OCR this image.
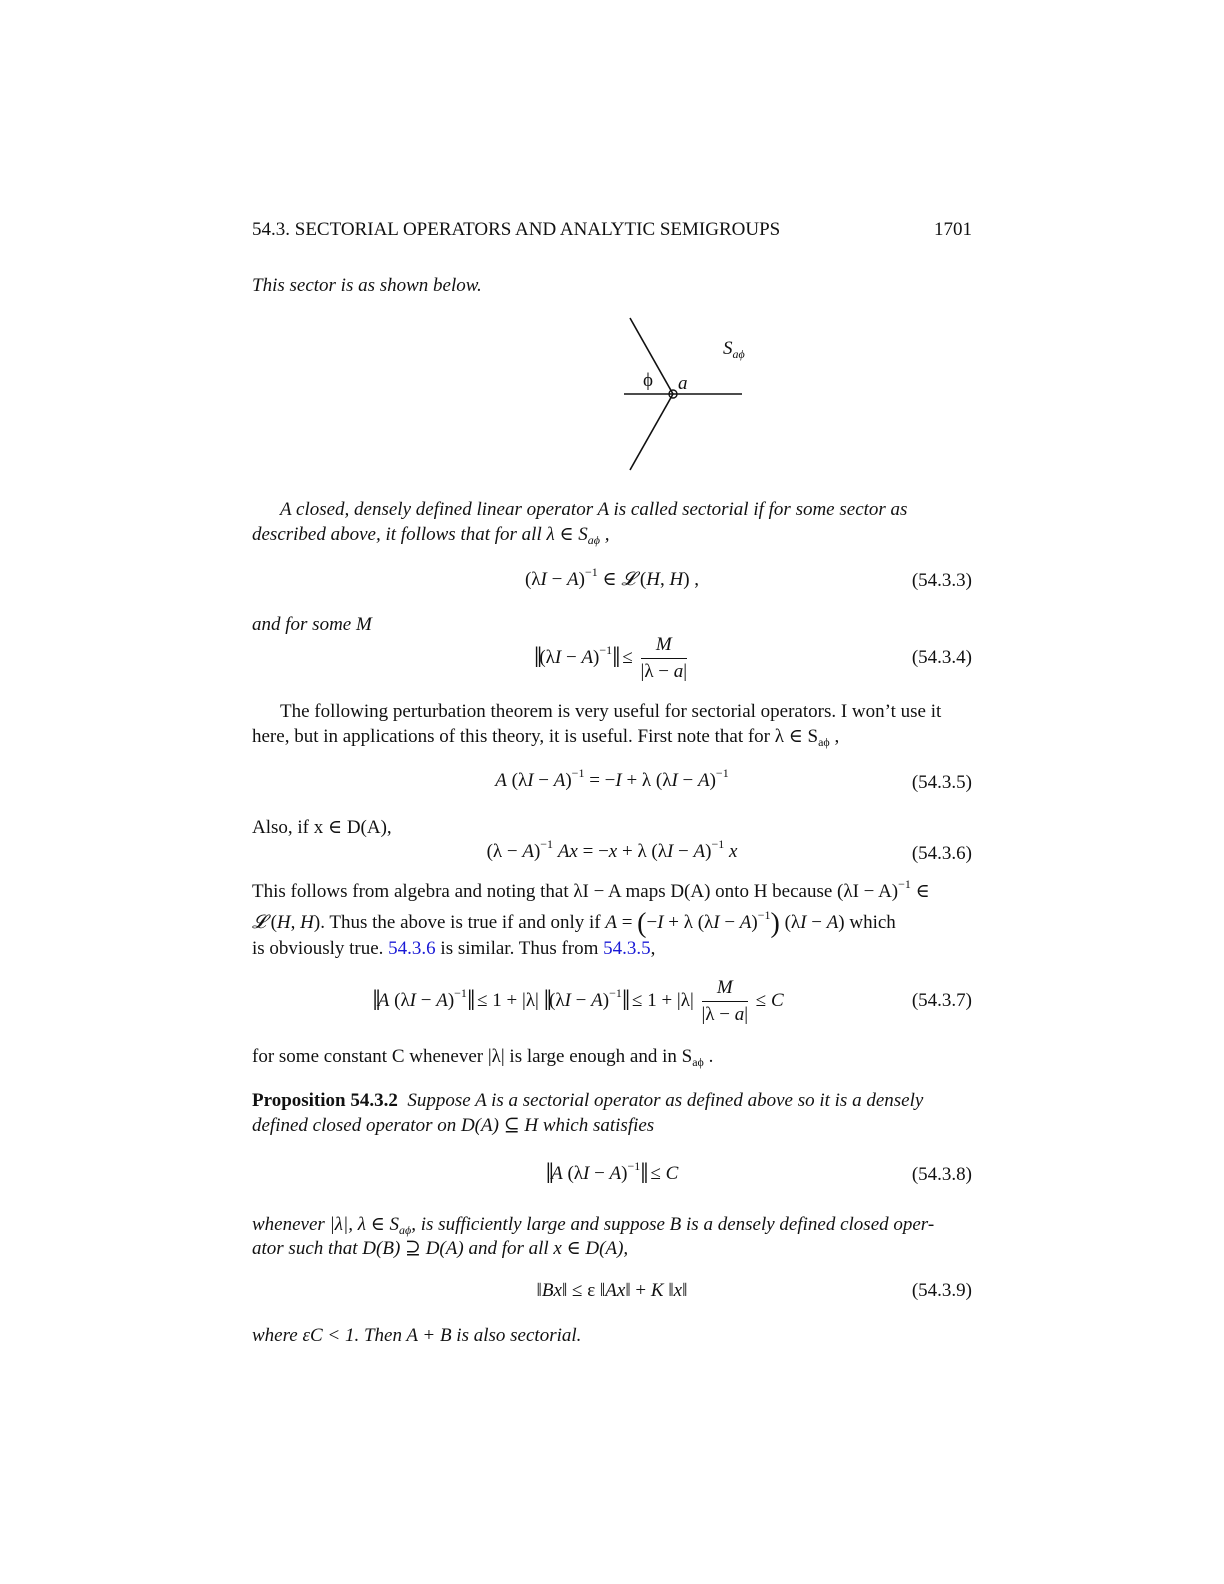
54.3. SECTORIAL OPERATORS AND ANALYTIC SEMIGROUPS	1701
This sector is as shown below.
$S_{a\phi}$
ϕ a
A closed, densely defined linear operator A is called sectorial if for some sector as
described above, it follows that for all λ ∈ $S_{a\phi}$ ,
$(\lambda I - A)^{-1}$ ∈ 𝓛 (H, H) ,	(54.3.3)
and for some M
‖(λI − A)$^{-1}$‖ ≤ $\frac{M}{|\lambda - a|}$	(54.3.4)
The following perturbation theorem is very useful for sectorial operators. I won’t use it
here, but in applications of this theory, it is useful. First note that for λ ∈ $S_{a\phi}$ ,
A $(\lambda I - A)^{-1} = -I + \lambda$ $(\lambda I - A)^{-1}$	(54.3.5)
Also, if x ∈ D(A),
$(\lambda - A)^{-1}$ Ax = −x + λ $(\lambda I - A)^{-1}$ x	(54.3.6)
This follows from algebra and noting that λI − A maps D(A) onto H because $(\lambda I - A)^{-1}$ ∈
𝓛 (H, H). Thus the above is true if and only if A = (−I + λ $(\lambda I - A)^{-1}$) (λI − A) which
is obviously true. 54.3.6 is similar. Thus from 54.3.5,
‖A $(\lambda I - A)^{-1}‖ \le 1 + |\lambda|$ ‖(λI − A)$^{-1}$‖ ≤ $1 + |\lambda| \frac{M}{|\lambda - a|} \le C$	(54.3.7)
for some constant C whenever |λ| is large enough and in $S_{a\phi}$ .
Proposition 54.3.2 Suppose A is a sectorial operator as defined above so it is a densely
defined closed operator on D(A) ⊆ H which satisfies
‖A $(\lambda I - A)^{-1}‖ \le C$	(54.3.8)
whenever |λ|, λ ∈ $S_{a\phi}$, is sufficiently large and suppose B is a densely defined closed oper-
ator such that D(B) ⊇ D(A) and for all x ∈ D(A),
‖Bx‖ ≤ ε ‖Ax‖ + K ‖x‖	(54.3.9)
where εC < 1. Then A + B is also sectorial.
